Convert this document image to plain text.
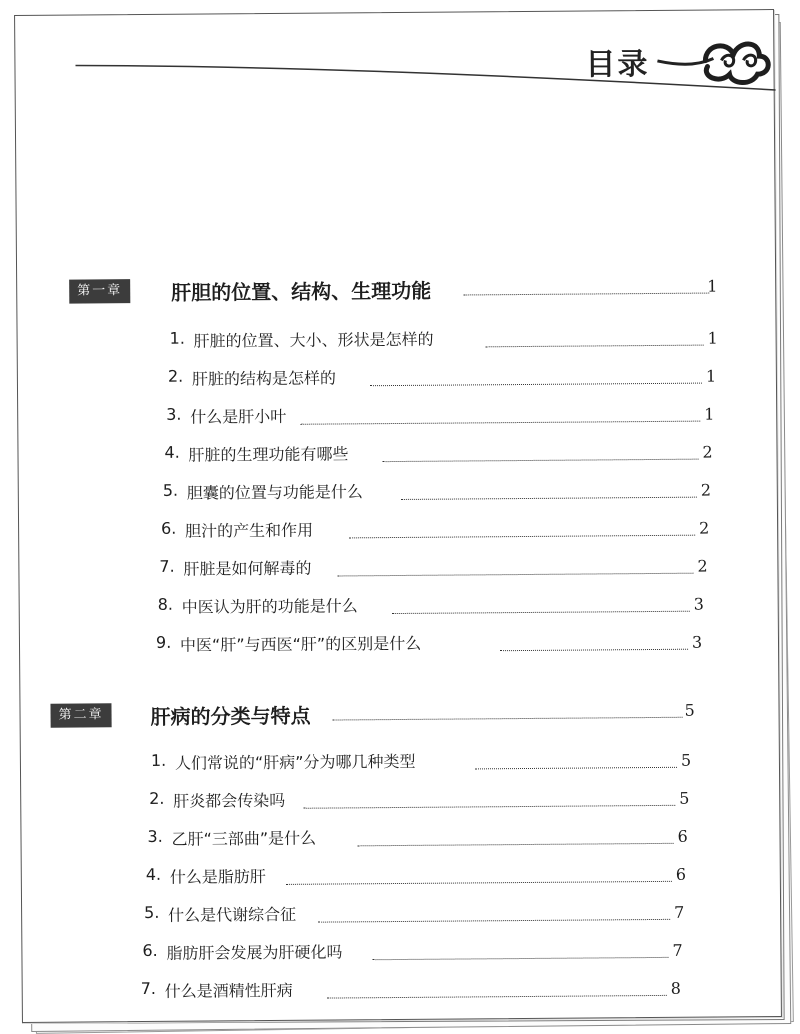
目录
第一章	肝胆的位置、结构、生理功能	1
1. 肝脏的位置、大小、形状是怎样的	1
2. 肝脏的结构是怎样的	1
3. 什么是肝小叶	1
4. 肝脏的生理功能有哪些	2
5. 胆囊的位置与功能是什么	2
6. 胆汁的产生和作用	2
7. 肝脏是如何解毒的	2
8. 中医认为肝的功能是什么	3
9. 中医“肝”与西医“肝”的区别是什么	3
第二章	肝病的分类与特点	5
1. 人们常说的“肝病”分为哪几种类型	5
2. 肝炎都会传染吗	5
3. 乙肝“三部曲”是什么	6
4. 什么是脂肪肝	6
5. 什么是代谢综合征	7
6. 脂肪肝会发展为肝硬化吗	7
7. 什么是酒精性肝病	8
